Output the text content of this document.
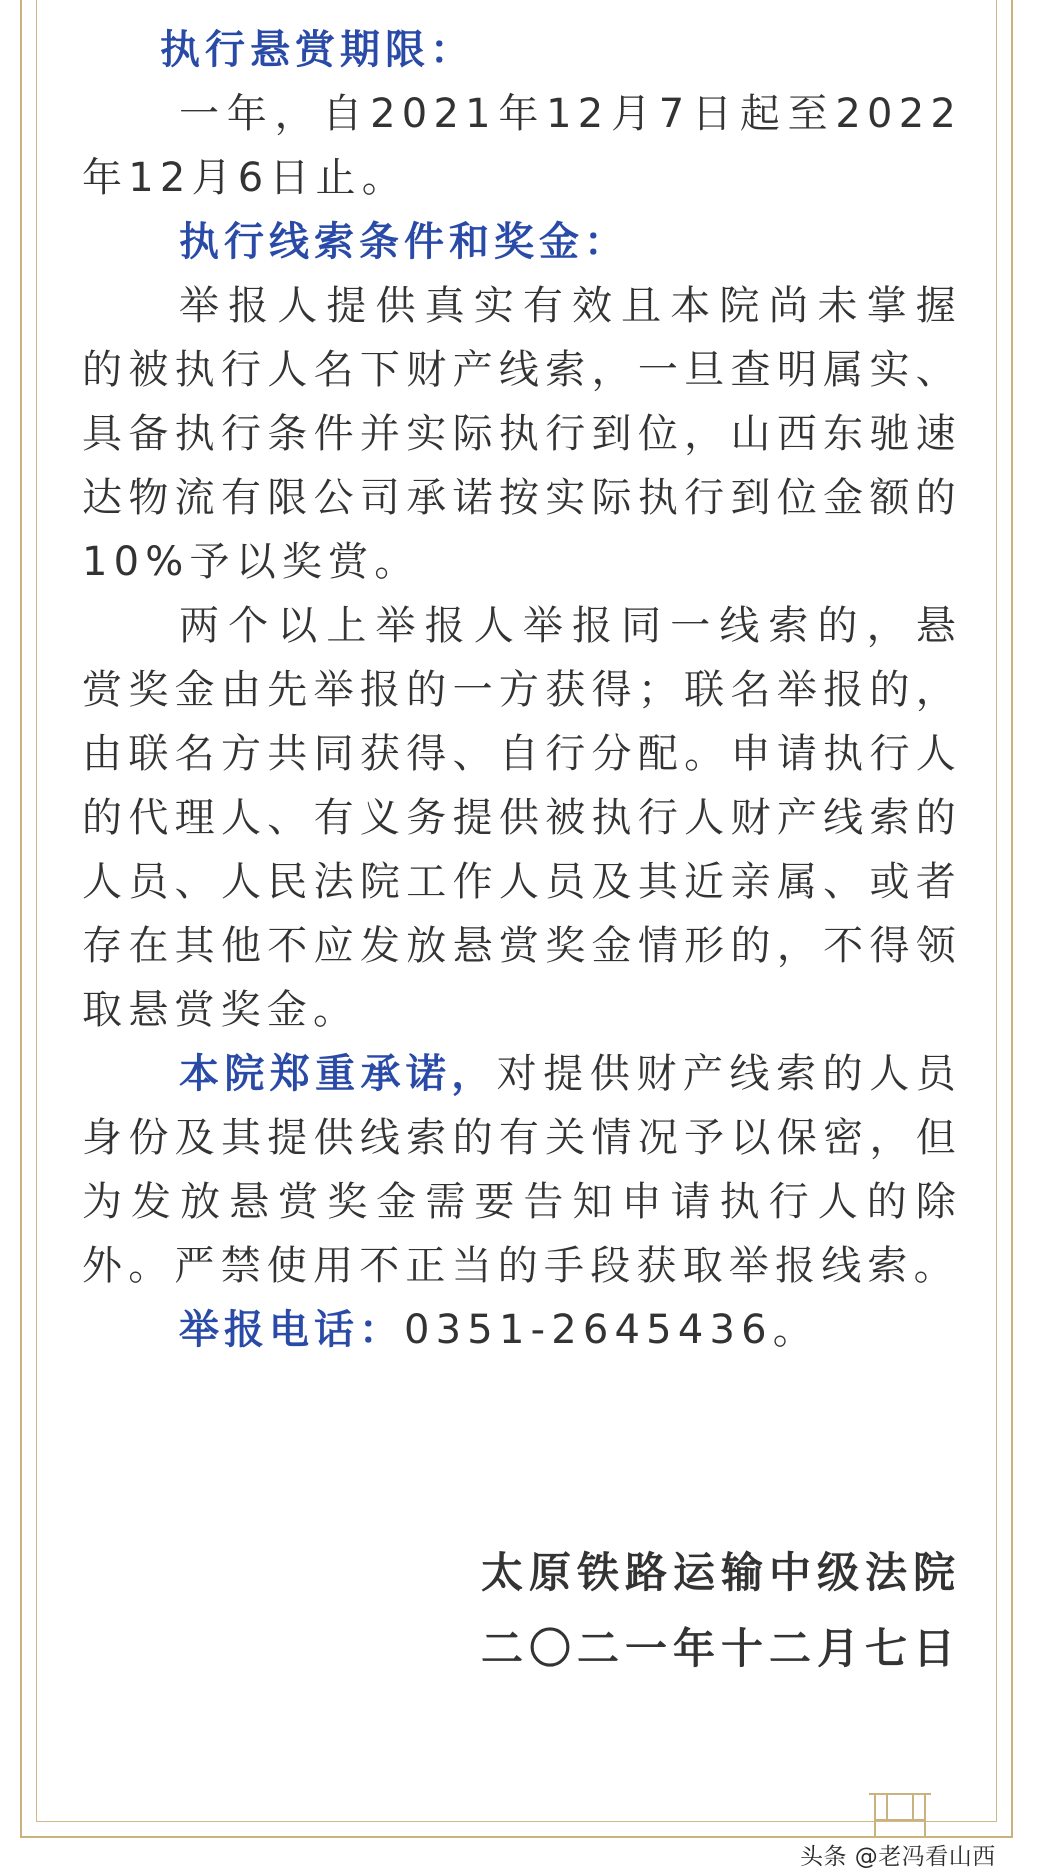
执行悬赏期限：

一年，自2021年12月7日起至2022年12月6日止。

执行线索条件和奖金：

举报人提供真实有效且本院尚未掌握的被执行人名下财产线索，一旦查明属实、具备执行条件并实际执行到位，山西东驰速达物流有限公司承诺按实际执行到位金额的10%予以奖赏。

两个以上举报人举报同一线索的，悬赏奖金由先举报的一方获得；联名举报的，由联名方共同获得、自行分配。申请执行人的代理人、有义务提供被执行人财产线索的人员、人民法院工作人员及其近亲属、或者存在其他不应发放悬赏奖金情形的，不得领取悬赏奖金。

本院郑重承诺，对提供财产线索的人员身份及其提供线索的有关情况予以保密，但为发放悬赏奖金需要告知申请执行人的除外。严禁使用不正当的手段获取举报线索。

举报电话：0351-2645436。

太原铁路运输中级法院
二〇二一年十二月七日
头条 @老冯看山西
